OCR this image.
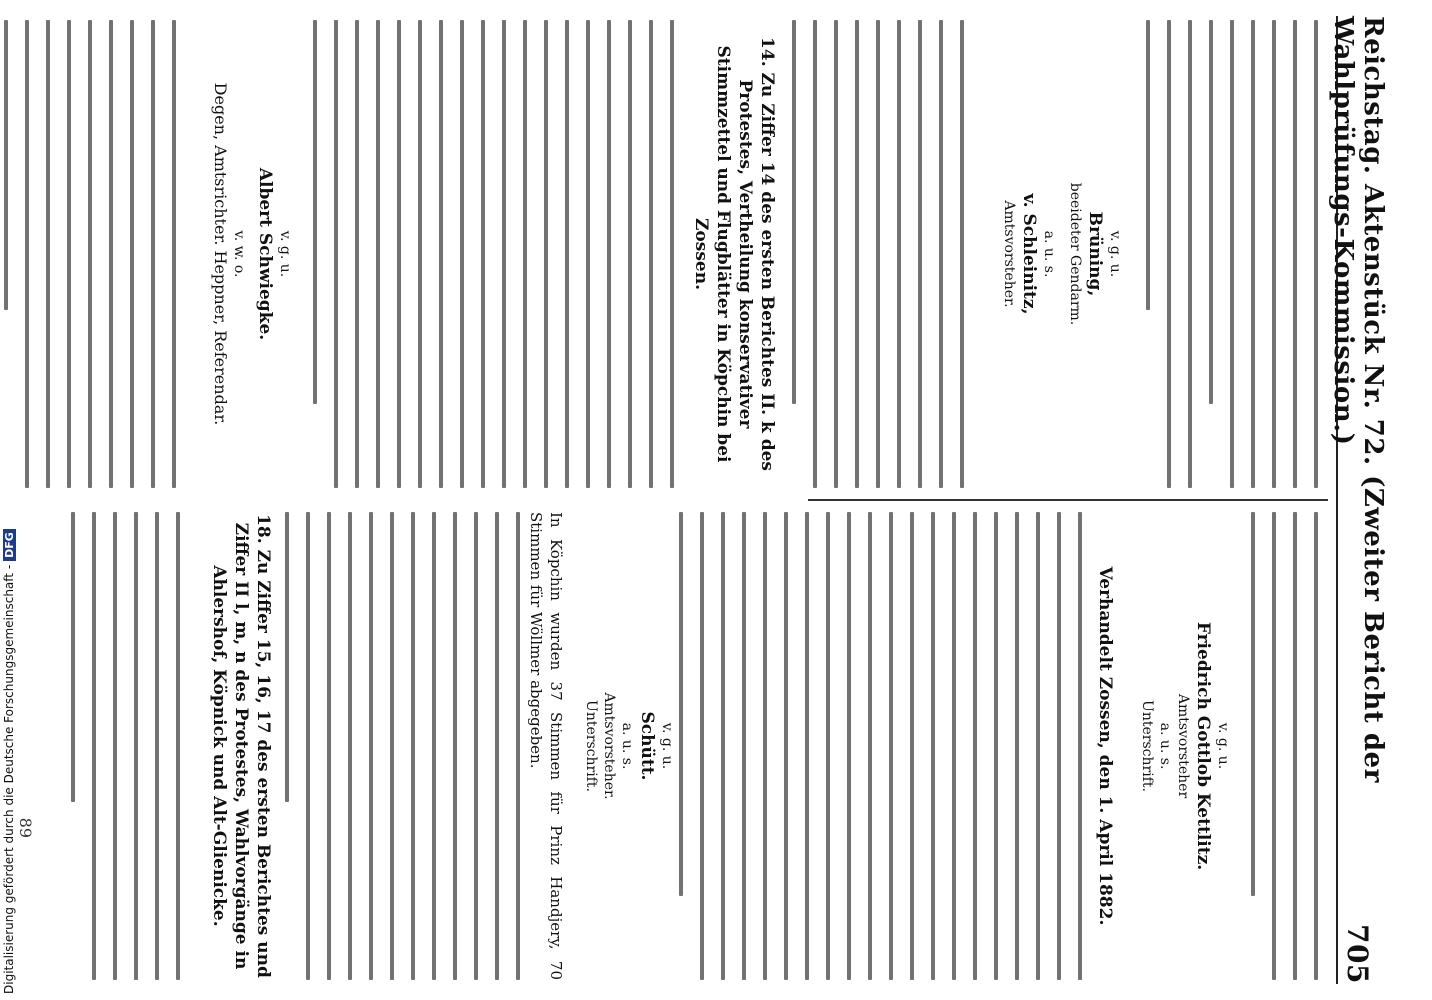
Reichstag. Aktenstück Nr. 72. (Zweiter Bericht der Wahlprüfungs-Kommission.)
705
v. g. u.
Brüning,
beeideter Gendarm.
a. u. s.
v. Schleinitz,
Amtsvorsteher.
14. Zu Ziffer 14 des ersten Berichtes II. k des Protestes, Vertheilung konservativer Stimmzettel und Flugblätter in Köpchin bei Zossen.
v. g. u.
Albert Schwiegke.
v. w. o.
Degen, Amtsrichter. Heppner, Referendar.
v. g. u.
Friedrich Gottlob Kettlitz.
Amtsvorsteher
a. u. s.
Unterschrift.
Verhandelt Zossen, den 1. April 1882.
v. g. u.
Schütt.
a. u. s.
Amtsvorsteher.
Unterschrift.
In Köpchin wurden 37 Stimmen für Prinz Handjery, 70 Stimmen für Wöllmer abgegeben.
18. Zu Ziffer 15, 16, 17 des ersten Berichtes und Ziffer II l, m, n des Protestes, Wahlvorgänge in Ahlershof, Köpnick und Alt-Glienicke.
89
Digitalisierung gefördert durch die Deutsche Forschungsgemeinschaft -DFG
